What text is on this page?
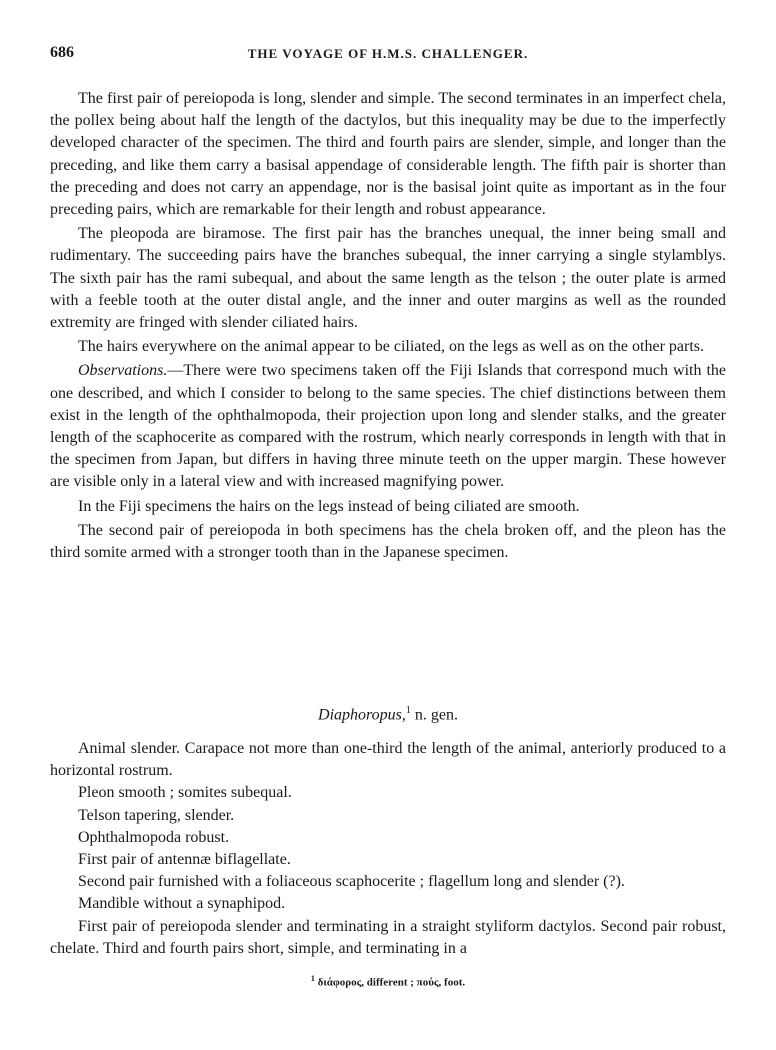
686	THE VOYAGE OF H.M.S. CHALLENGER.

The first pair of pereiopoda is long, slender and simple. The second terminates in an imperfect chela, the pollex being about half the length of the dactylos, but this inequality may be due to the imperfectly developed character of the specimen. The third and fourth pairs are slender, simple, and longer than the preceding, and like them carry a basisal appendage of considerable length. The fifth pair is shorter than the preceding and does not carry an appendage, nor is the basisal joint quite as important as in the four preceding pairs, which are remarkable for their length and robust appearance.

The pleopoda are biramose. The first pair has the branches unequal, the inner being small and rudimentary. The succeeding pairs have the branches subequal, the inner carrying a single stylamblys. The sixth pair has the rami subequal, and about the same length as the telson ; the outer plate is armed with a feeble tooth at the outer distal angle, and the inner and outer margins as well as the rounded extremity are fringed with slender ciliated hairs.

The hairs everywhere on the animal appear to be ciliated, on the legs as well as on the other parts.

Observations.—There were two specimens taken off the Fiji Islands that correspond much with the one described, and which I consider to belong to the same species. The chief distinctions between them exist in the length of the ophthalmopoda, their projection upon long and slender stalks, and the greater length of the scaphocerite as compared with the rostrum, which nearly corresponds in length with that in the specimen from Japan, but differs in having three minute teeth on the upper margin. These however are visible only in a lateral view and with increased magnifying power.

In the Fiji specimens the hairs on the legs instead of being ciliated are smooth.

The second pair of pereiopoda in both specimens has the chela broken off, and the pleon has the third somite armed with a stronger tooth than in the Japanese specimen.

Diaphoropus,$^1$ n. gen.

Animal slender. Carapace not more than one-third the length of the animal, anteriorly produced to a horizontal rostrum.

Pleon smooth ; somites subequal.

Telson tapering, slender.

Ophthalmopoda robust.

First pair of antennæ biflagellate.

Second pair furnished with a foliaceous scaphocerite ; flagellum long and slender (?).

Mandible without a synaphipod.

First pair of pereiopoda slender and terminating in a straight styliform dactylos. Second pair robust, chelate. Third and fourth pairs short, simple, and terminating in a

$^1$ διάφορος, different ; πούς, foot.
